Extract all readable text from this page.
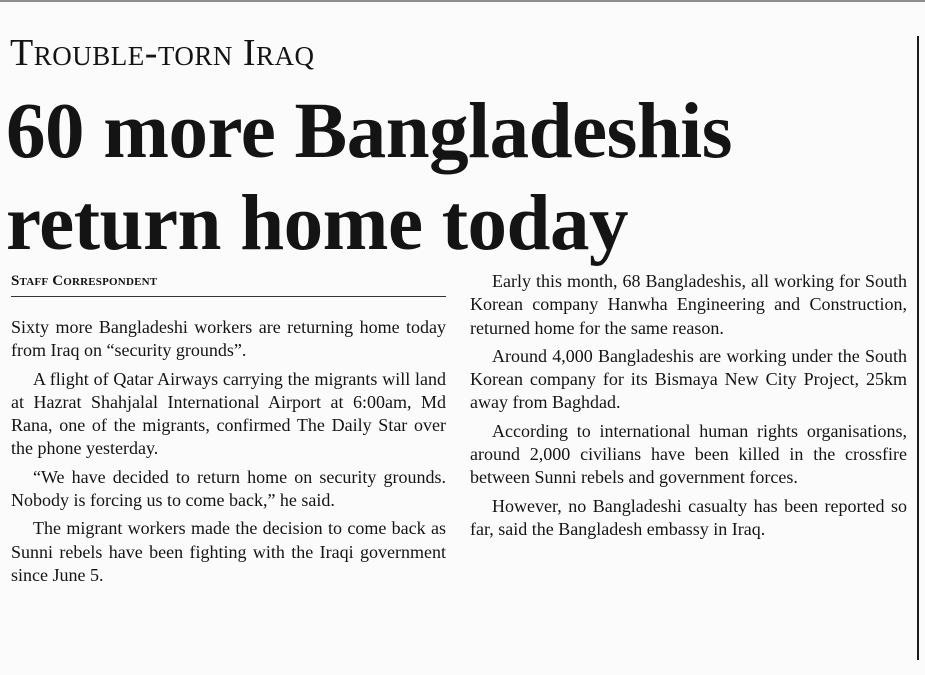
Trouble-torn Iraq
60 more Bangladeshis
return home today
Staff Correspondent

Sixty more Bangladeshi workers are returning home today from Iraq on “security grounds”.

A flight of Qatar Airways carrying the migrants will land at Hazrat Shahjalal International Airport at 6:00am, Md Rana, one of the migrants, confirmed The Daily Star over the phone yesterday.

“We have decided to return home on security grounds. Nobody is forcing us to come back,” he said.

The migrant workers made the decision to come back as Sunni rebels have been fighting with the Iraqi government since June 5.

Early this month, 68 Bangladeshis, all working for South Korean company Hanwha Engineering and Construction, returned home for the same reason.

Around 4,000 Bangladeshis are working under the South Korean company for its Bismaya New City Project, 25km away from Baghdad.

According to international human rights organisations, around 2,000 civilians have been killed in the crossfire between Sunni rebels and government forces.

However, no Bangladeshi casualty has been reported so far, said the Bangladesh embassy in Iraq.
